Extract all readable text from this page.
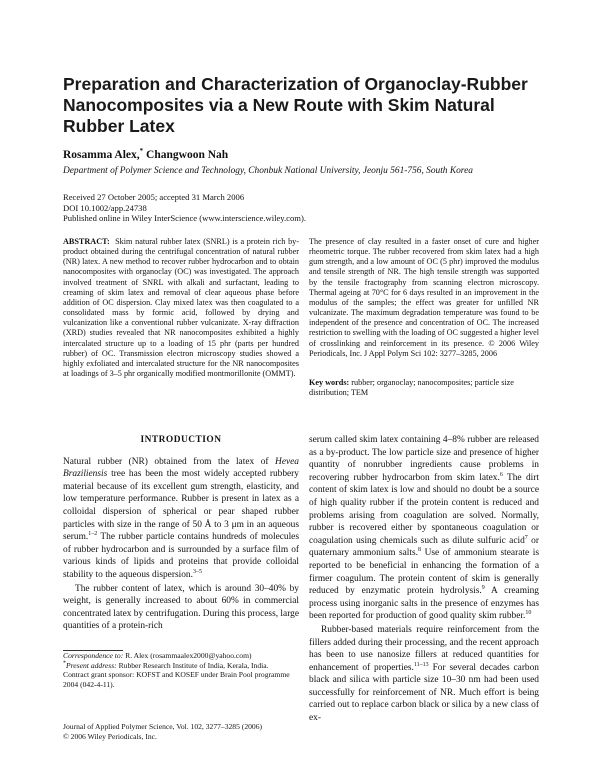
Preparation and Characterization of Organoclay-Rubber Nanocomposites via a New Route with Skim Natural Rubber Latex
Rosamma Alex,* Changwoon Nah
Department of Polymer Science and Technology, Chonbuk National University, Jeonju 561-756, South Korea
Received 27 October 2005; accepted 31 March 2006
DOI 10.1002/app.24738
Published online in Wiley InterScience (www.interscience.wiley.com).
ABSTRACT: Skim natural rubber latex (SNRL) is a protein rich by-product obtained during the centrifugal concentration of natural rubber (NR) latex. A new method to recover rubber hydrocarbon and to obtain nanocomposites with organoclay (OC) was investigated. The approach involved treatment of SNRL with alkali and surfactant, leading to creaming of skim latex and removal of clear aqueous phase before addition of OC dispersion. Clay mixed latex was then coagulated to a consolidated mass by formic acid, followed by drying and vulcanization like a conventional rubber vulcanizate. X-ray diffraction (XRD) studies revealed that NR nanocomposites exhibited a highly intercalated structure up to a loading of 15 phr (parts per hundred rubber) of OC. Transmission electron microscopy studies showed a highly exfoliated and intercalated structure for the NR nanocomposites at loadings of 3–5 phr organically modified montmorillonite (OMMT).
The presence of clay resulted in a faster onset of cure and higher rheometric torque. The rubber recovered from skim latex had a high gum strength, and a low amount of OC (5 phr) improved the modulus and tensile strength of NR. The high tensile strength was supported by the tensile fractography from scanning electron microscopy. Thermal ageing at 70°C for 6 days resulted in an improvement in the modulus of the samples; the effect was greater for unfilled NR vulcanizate. The maximum degradation temperature was found to be independent of the presence and concentration of OC. The increased restriction to swelling with the loading of OC suggested a higher level of crosslinking and reinforcement in its presence. © 2006 Wiley Periodicals, Inc. J Appl Polym Sci 102: 3277–3285, 2006
Key words: rubber; organoclay; nanocomposites; particle size distribution; TEM
INTRODUCTION

Natural rubber (NR) obtained from the latex of Hevea Braziliensis tree has been the most widely accepted rubbery material because of its excellent gum strength, elasticity, and low temperature performance. Rubber is present in latex as a colloidal dispersion of spherical or pear shaped rubber particles with size in the range of 50 Å to 3 μm in an aqueous serum.$^{1-2}$ The rubber particle contains hundreds of molecules of rubber hydrocarbon and is surrounded by a surface film of various kinds of lipids and proteins that provide colloidal stability to the aqueous dispersion.$^{3-5}$

The rubber content of latex, which is around 30–40% by weight, is generally increased to about 60% in commercial concentrated latex by centrifugation. During this process, large quantities of a protein-rich

serum called skim latex containing 4–8% rubber are released as a by-product. The low particle size and presence of higher quantity of nonrubber ingredients cause problems in recovering rubber hydrocarbon from skim latex.$^6$ The dirt content of skim latex is low and should no doubt be a source of high quality rubber if the protein content is reduced and problems arising from coagulation are solved. Normally, rubber is recovered either by spontaneous coagulation or coagulation using chemicals such as dilute sulfuric acid$^7$ or quaternary ammonium salts.$^8$ Use of ammonium stearate is reported to be beneficial in enhancing the formation of a firmer coagulum. The protein content of skim is generally reduced by enzymatic protein hydrolysis.$^9$ A creaming process using inorganic salts in the presence of enzymes has been reported for production of good quality skim rubber.$^{10}$

Rubber-based materials require reinforcement from the fillers added during their processing, and the recent approach has been to use nanosize fillers at reduced quantities for enhancement of properties.$^{11-13}$ For several decades carbon black and silica with particle size 10–30 nm had been used successfully for reinforcement of NR. Much effort is being carried out to replace carbon black or silica by a new class of ex-

Correspondence to: R. Alex (rosammaalex2000@yahoo.com)
*Present address: Rubber Research Institute of India, Kerala, India.
Contract grant sponsor: KOFST and KOSEF under Brain Pool programme 2004 (042-4-11).
Journal of Applied Polymer Science, Vol. 102, 3277–3285 (2006)
© 2006 Wiley Periodicals, Inc.
